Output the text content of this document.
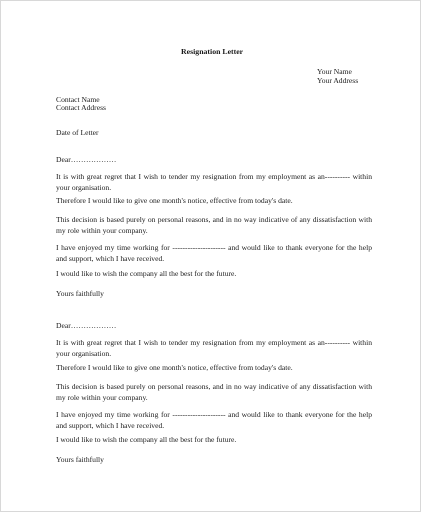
Resignation Letter

Your Name

Your Address

Contact Name

Contact Address

Date of Letter

Dear………………

It is with great regret that I wish to tender my resignation from my employment as an---------- within your organisation.

Therefore I would like to give one month's notice, effective from today's date.

This decision is based purely on personal reasons, and in no way indicative of any dissatisfaction with my role within your company.

I have enjoyed my time working for --------------------- and would like to thank everyone for the help and support, which I have received.

I would like to wish the company all the best for the future.

Yours faithfully

Dear………………

It is with great regret that I wish to tender my resignation from my employment as an---------- within your organisation.

Therefore I would like to give one month's notice, effective from today's date.

This decision is based purely on personal reasons, and in no way indicative of any dissatisfaction with my role within your company.

I have enjoyed my time working for --------------------- and would like to thank everyone for the help and support, which I have received.

I would like to wish the company all the best for the future.

Yours faithfully
